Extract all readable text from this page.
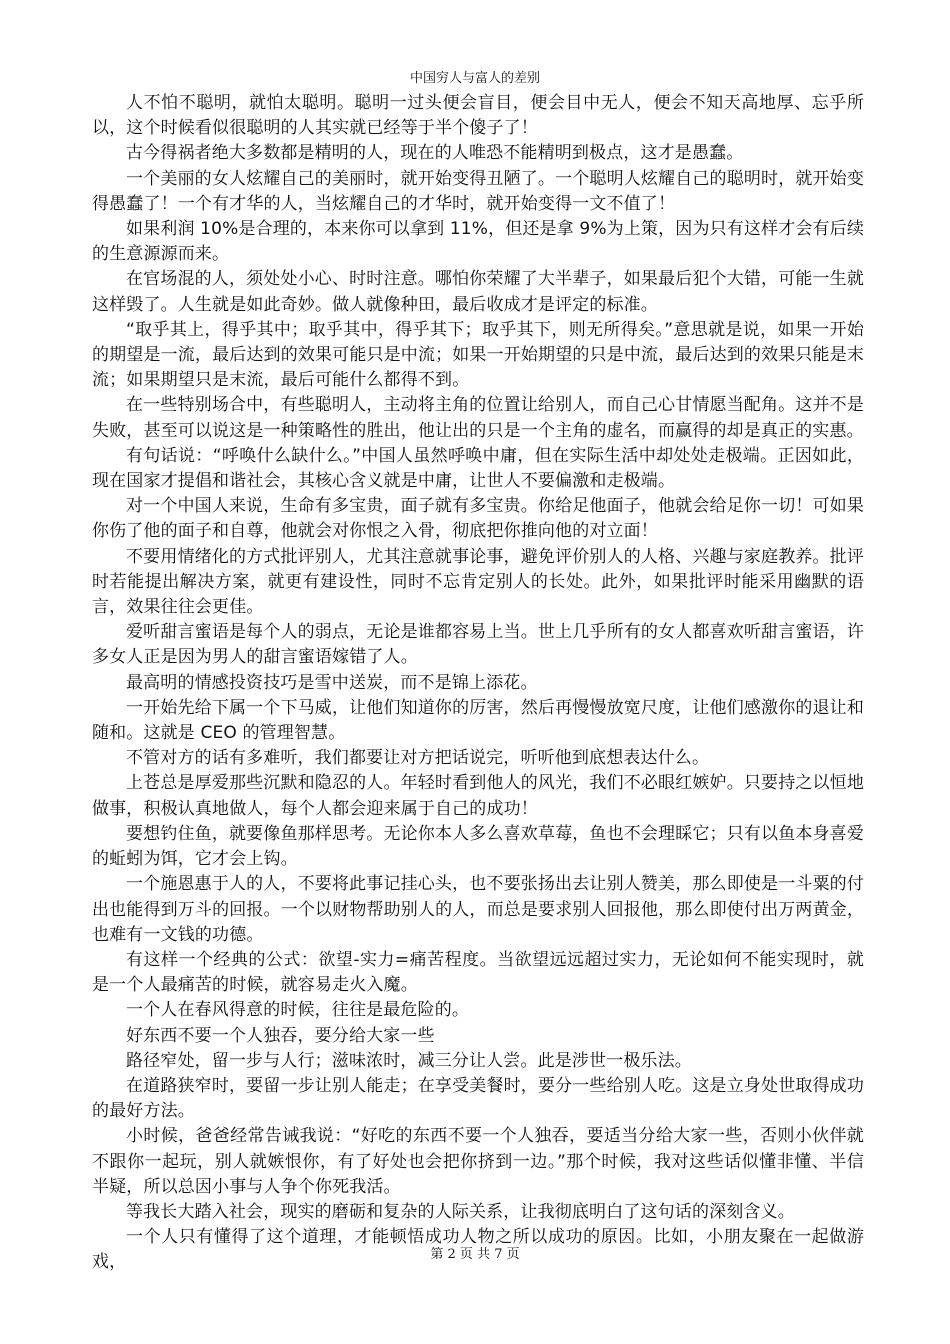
中国穷人与富人的差别

人不怕不聪明，就怕太聪明。聪明一过头便会盲目，便会目中无人，便会不知天高地厚、忘乎所以，这个时候看似很聪明的人其实就已经等于半个傻子了！

古今得祸者绝大多数都是精明的人，现在的人唯恐不能精明到极点，这才是愚蠢。

一个美丽的女人炫耀自己的美丽时，就开始变得丑陋了。一个聪明人炫耀自己的聪明时，就开始变得愚蠢了！一个有才华的人，当炫耀自己的才华时，就开始变得一文不值了！

如果利润 10%是合理的，本来你可以拿到 11%，但还是拿 9%为上策，因为只有这样才会有后续的生意源源而来。

在官场混的人，须处处小心、时时注意。哪怕你荣耀了大半辈子，如果最后犯个大错，可能一生就这样毁了。人生就是如此奇妙。做人就像种田，最后收成才是评定的标准。

“取乎其上，得乎其中；取乎其中，得乎其下；取乎其下，则无所得矣。”意思就是说，如果一开始的期望是一流，最后达到的效果可能只是中流；如果一开始期望的只是中流，最后达到的效果只能是末流；如果期望只是末流，最后可能什么都得不到。

在一些特别场合中，有些聪明人，主动将主角的位置让给别人，而自己心甘情愿当配角。这并不是失败，甚至可以说这是一种策略性的胜出，他让出的只是一个主角的虚名，而赢得的却是真正的实惠。

有句话说：“呼唤什么缺什么。”中国人虽然呼唤中庸，但在实际生活中却处处走极端。正因如此，现在国家才提倡和谐社会，其核心含义就是中庸，让世人不要偏激和走极端。

对一个中国人来说，生命有多宝贵，面子就有多宝贵。你给足他面子，他就会给足你一切！可如果你伤了他的面子和自尊，他就会对你恨之入骨，彻底把你推向他的对立面！

不要用情绪化的方式批评别人，尤其注意就事论事，避免评价别人的人格、兴趣与家庭教养。批评时若能提出解决方案，就更有建设性，同时不忘肯定别人的长处。此外，如果批评时能采用幽默的语言，效果往往会更佳。

爱听甜言蜜语是每个人的弱点，无论是谁都容易上当。世上几乎所有的女人都喜欢听甜言蜜语，许多女人正是因为男人的甜言蜜语嫁错了人。

最高明的情感投资技巧是雪中送炭，而不是锦上添花。

一开始先给下属一个下马威，让他们知道你的厉害，然后再慢慢放宽尺度，让他们感激你的退让和随和。这就是 CEO 的管理智慧。

不管对方的话有多难听，我们都要让对方把话说完，听听他到底想表达什么。

上苍总是厚爱那些沉默和隐忍的人。年轻时看到他人的风光，我们不必眼红嫉妒。只要持之以恒地做事，积极认真地做人，每个人都会迎来属于自己的成功！

要想钓住鱼，就要像鱼那样思考。无论你本人多么喜欢草莓，鱼也不会理睬它；只有以鱼本身喜爱的蚯蚓为饵，它才会上钩。

一个施恩惠于人的人，不要将此事记挂心头，也不要张扬出去让别人赞美，那么即使是一斗粟的付出也能得到万斗的回报。一个以财物帮助别人的人，而总是要求别人回报他，那么即使付出万两黄金，也难有一文钱的功德。

有这样一个经典的公式：欲望-实力=痛苦程度。当欲望远远超过实力，无论如何不能实现时，就是一个人最痛苦的时候，就容易走火入魔。

一个人在春风得意的时候，往往是最危险的。

好东西不要一个人独吞，要分给大家一些

路径窄处，留一步与人行；滋味浓时，减三分让人尝。此是涉世一极乐法。

在道路狭窄时，要留一步让别人能走；在享受美餐时，要分一些给别人吃。这是立身处世取得成功的最好方法。

小时候，爸爸经常告诫我说：“好吃的东西不要一个人独吞，要适当分给大家一些，否则小伙伴就不跟你一起玩，别人就嫉恨你，有了好处也会把你挤到一边。”那个时候，我对这些话似懂非懂、半信半疑，所以总因小事与人争个你死我活。

等我长大踏入社会，现实的磨砺和复杂的人际关系，让我彻底明白了这句话的深刻含义。

一个人只有懂得了这个道理，才能顿悟成功人物之所以成功的原因。比如，小朋友聚在一起做游戏，	第 2 页 共 7 页
